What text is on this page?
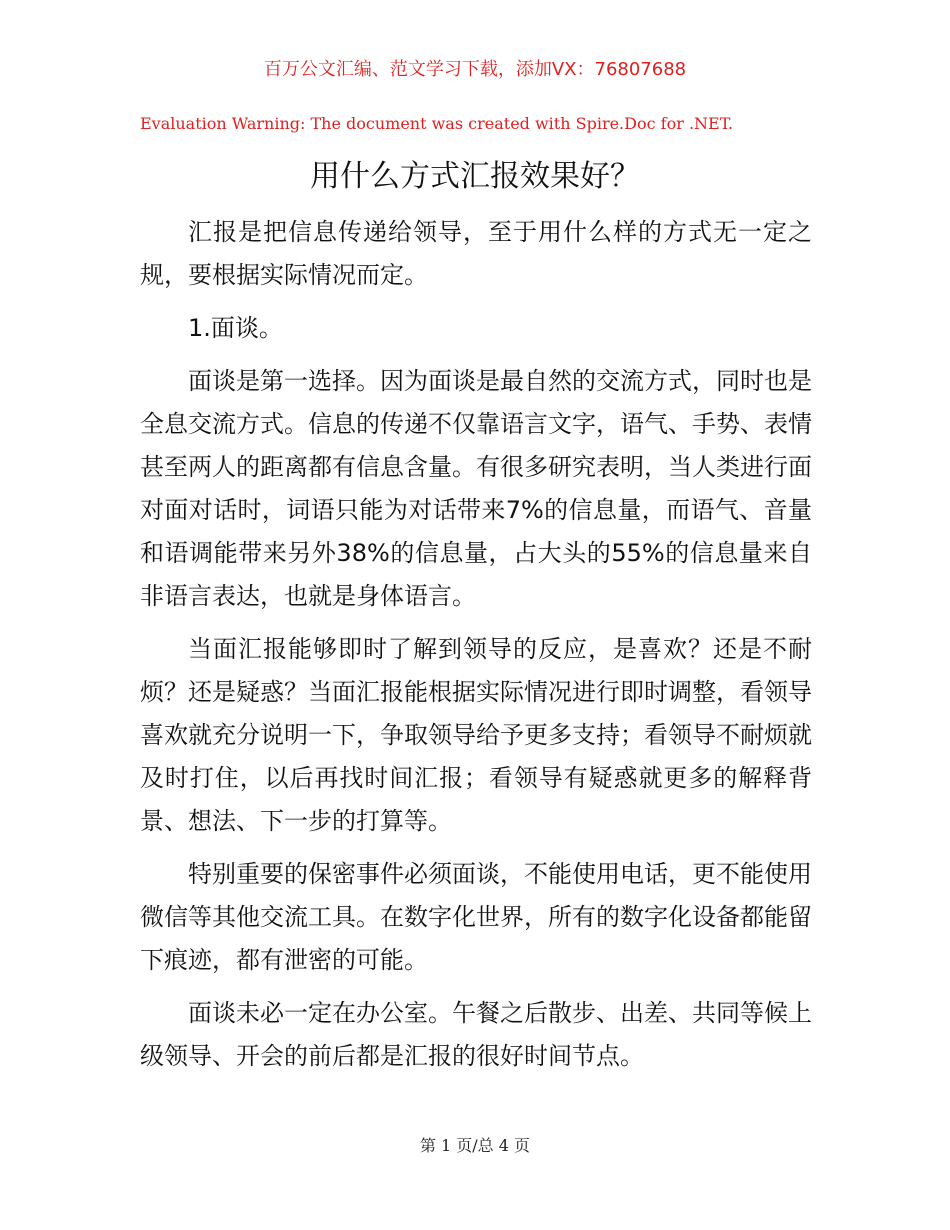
百万公文汇编、范文学习下载，添加VX：76807688
Evaluation Warning: The document was created with Spire.Doc for .NET.
用什么方式汇报效果好？

汇报是把信息传递给领导，至于用什么样的方式无一定之规，要根据实际情况而定。

1.面谈。

面谈是第一选择。因为面谈是最自然的交流方式，同时也是全息交流方式。信息的传递不仅靠语言文字，语气、手势、表情甚至两人的距离都有信息含量。有很多研究表明，当人类进行面对面对话时，词语只能为对话带来7%的信息量，而语气、音量和语调能带来另外38%的信息量，占大头的55%的信息量来自非语言表达，也就是身体语言。

当面汇报能够即时了解到领导的反应，是喜欢？还是不耐烦？还是疑惑？当面汇报能根据实际情况进行即时调整，看领导喜欢就充分说明一下，争取领导给予更多支持；看领导不耐烦就及时打住，以后再找时间汇报；看领导有疑惑就更多的解释背景、想法、下一步的打算等。

特别重要的保密事件必须面谈，不能使用电话，更不能使用微信等其他交流工具。在数字化世界，所有的数字化设备都能留下痕迹，都有泄密的可能。

面谈未必一定在办公室。午餐之后散步、出差、共同等候上级领导、开会的前后都是汇报的很好时间节点。

第 1 页/总 4 页
